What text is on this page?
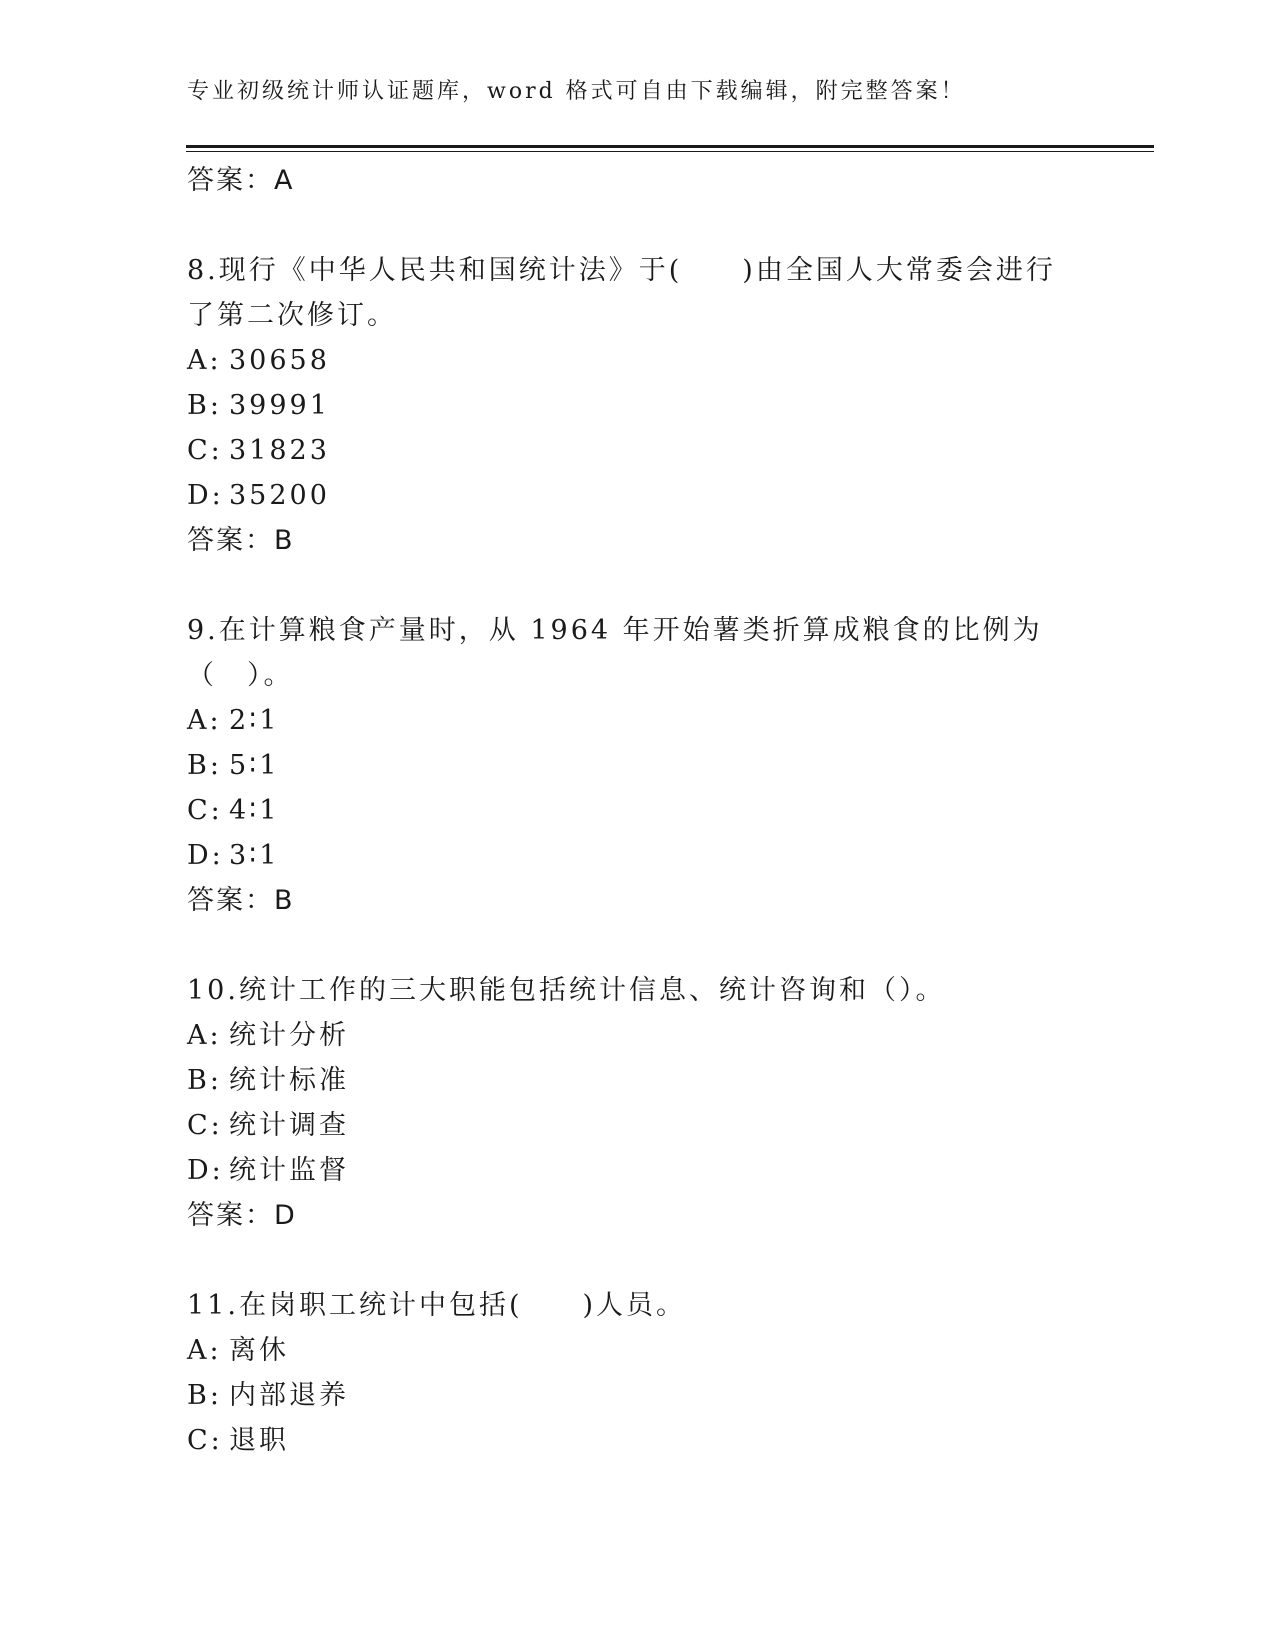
专业初级统计师认证题库，word 格式可自由下载编辑，附完整答案！
答案：A
8.现行《中华人民共和国统计法》于(　　)由全国人大常委会进行了第二次修订。
A: 30658
B: 39991
C: 31823
D: 35200
答案：B
9.在计算粮食产量时，从 1964 年开始薯类折算成粮食的比例为（　）。
A: 2∶1
B: 5∶1
C: 4∶1
D: 3∶1
答案：B
10.统计工作的三大职能包括统计信息、统计咨询和（）。
A: 统计分析
B: 统计标准
C: 统计调查
D: 统计监督
答案：D
11.在岗职工统计中包括(　　)人员。
A: 离休
B: 内部退养
C: 退职
